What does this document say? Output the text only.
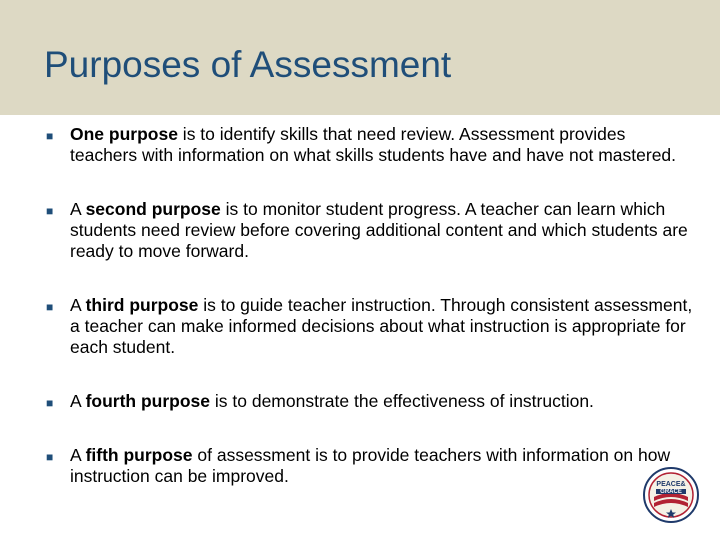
Purposes of Assessment
■ One purpose is to identify skills that need review. Assessment provides teachers with information on what skills students have and have not mastered.
■ A second purpose is to monitor student progress. A teacher can learn which students need review before covering additional content and which students are ready to move forward.
■ A third purpose is to guide teacher instruction. Through consistent assessment, a teacher can make informed decisions about what instruction is appropriate for each student.
■ A fourth purpose is to demonstrate the effectiveness of instruction.
■ A fifth purpose of assessment is to provide teachers with information on how instruction can be improved.	PEACE&
GRACE
